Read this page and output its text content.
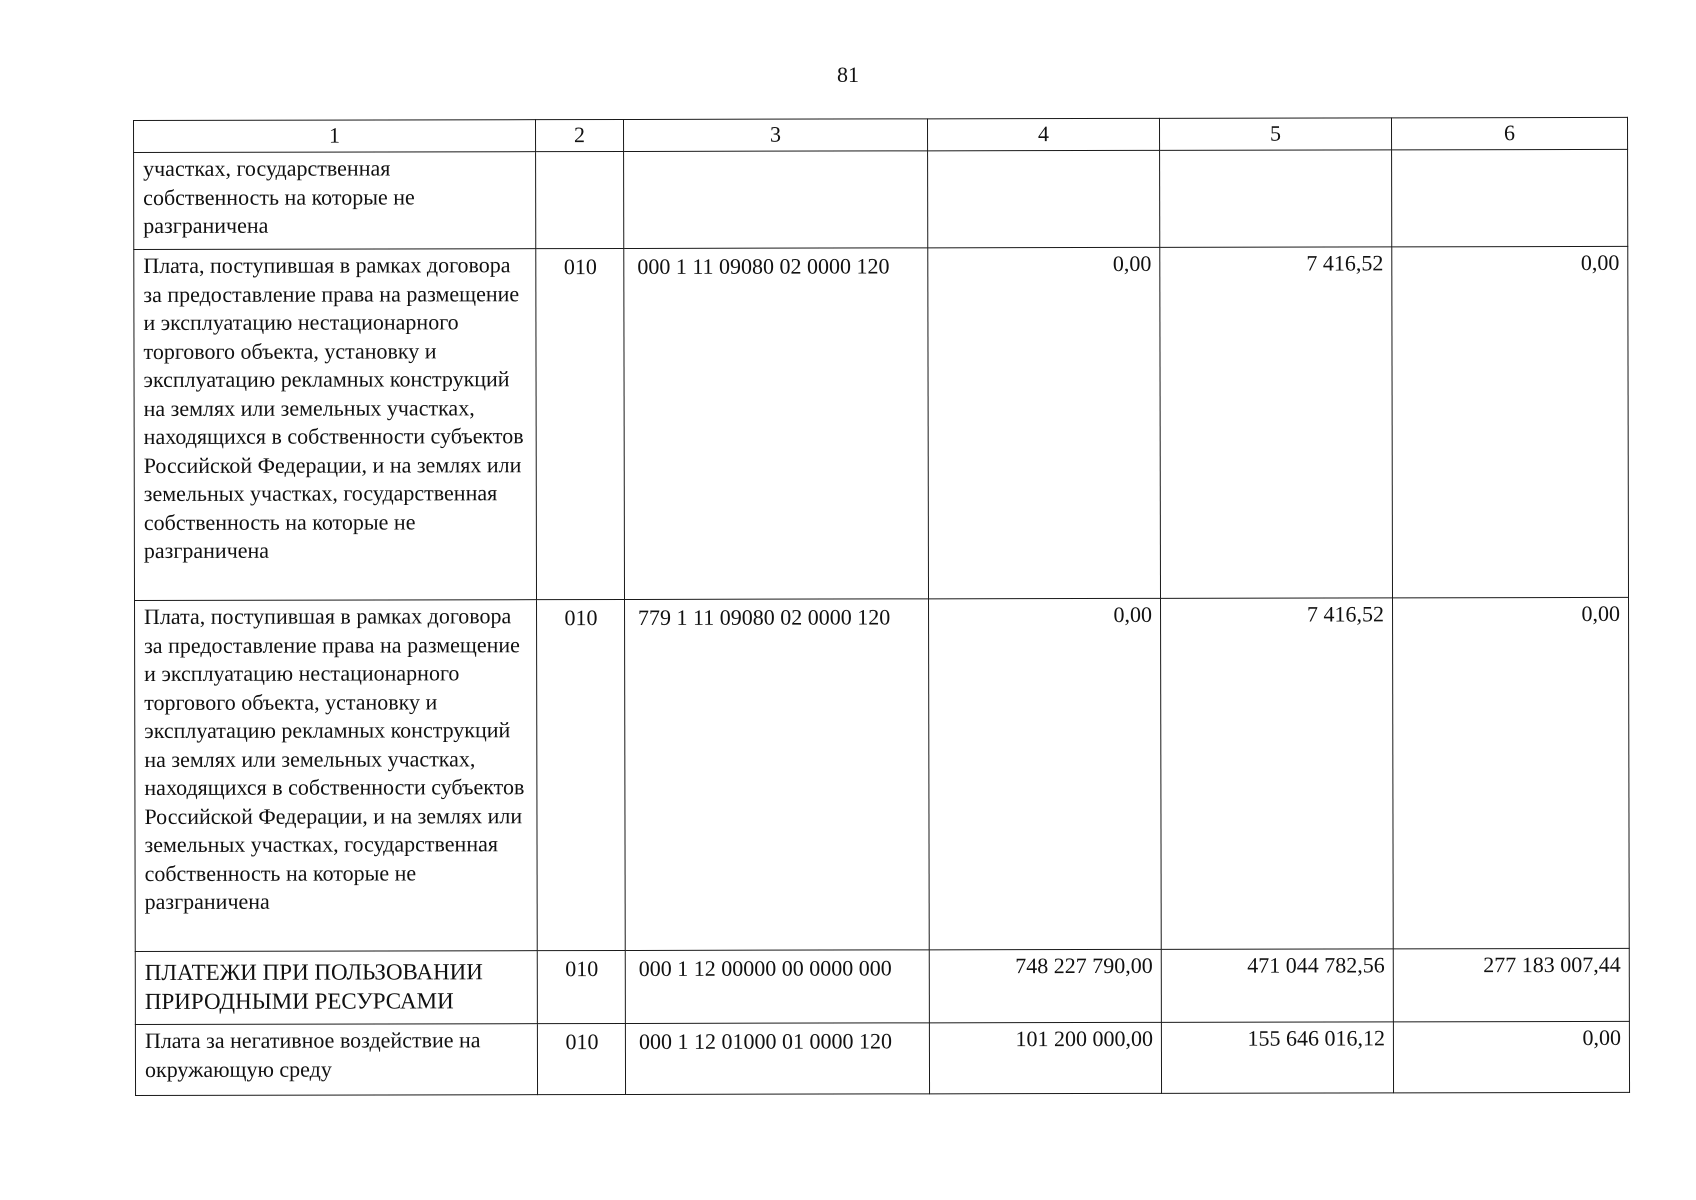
81
1	2	3	4	5	6
участках, государственная собственность на которые не разграничена					
Плата, поступившая в рамках договора за предоставление права на размещение и эксплуатацию нестационарного торгового объекта, установку и эксплуатацию рекламных конструкций на землях или земельных участках, находящихся в собственности субъектов Российской Федерации, и на землях или земельных участках, государственная собственность на которые не разграничена	010	000 1 11 09080 02 0000 120	0,00	7 416,52	0,00
Плата, поступившая в рамках договора за предоставление права на размещение и эксплуатацию нестационарного торгового объекта, установку и эксплуатацию рекламных конструкций на землях или земельных участках, находящихся в собственности субъектов Российской Федерации, и на землях или земельных участках, государственная собственность на которые не разграничена	010	779 1 11 09080 02 0000 120	0,00	7 416,52	0,00
ПЛАТЕЖИ ПРИ ПОЛЬЗОВАНИИ ПРИРОДНЫМИ РЕСУРСАМИ	010	000 1 12 00000 00 0000 000	748 227 790,00	471 044 782,56	277 183 007,44
Плата за негативное воздействие на окружающую среду	010	000 1 12 01000 01 0000 120	101 200 000,00	155 646 016,12	0,00
